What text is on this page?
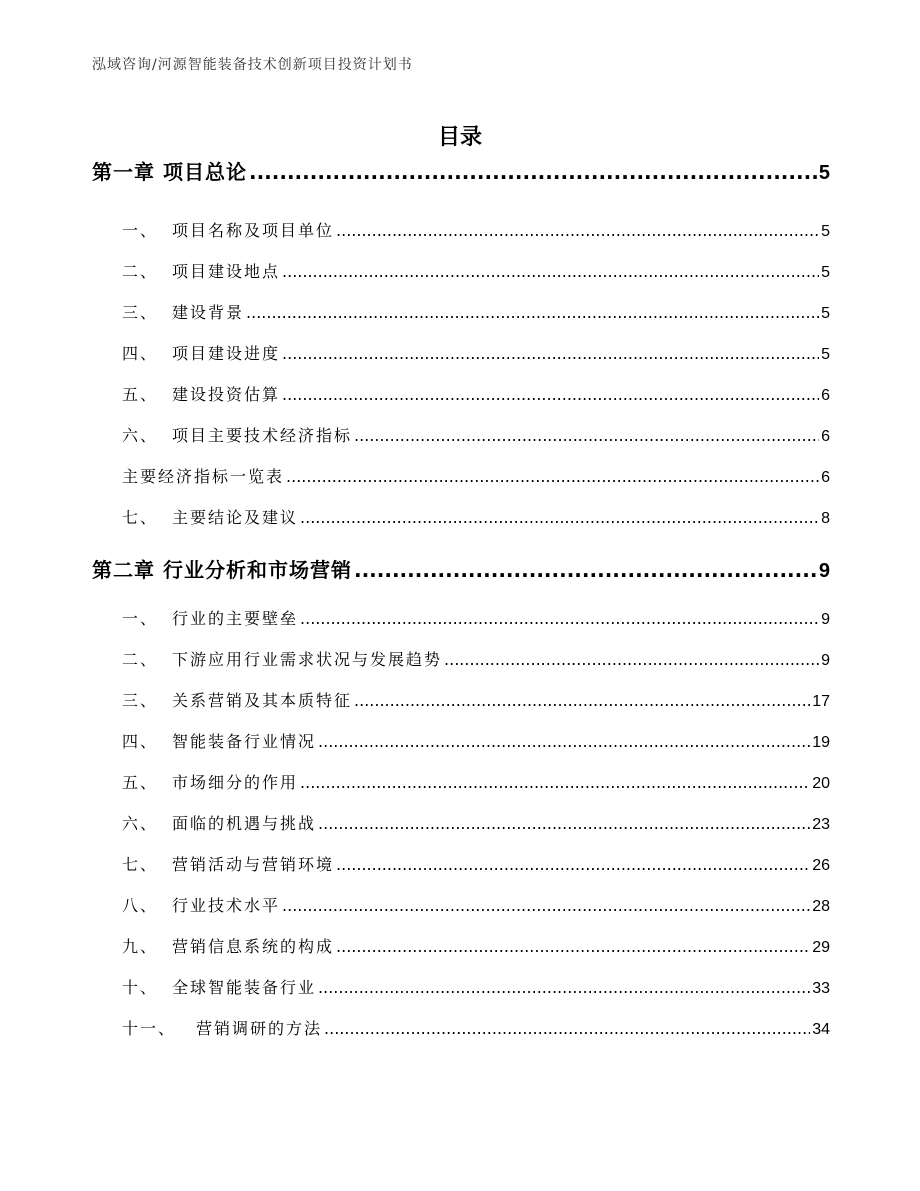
泓域咨询/河源智能装备技术创新项目投资计划书
目录
第一章 项目总论 .....	5
一、 项目名称及项目单位 .....	5
二、 项目建设地点 .....	5
三、 建设背景 .....	5
四、 项目建设进度 .....	5
五、 建设投资估算 .....	6
六、 项目主要技术经济指标 .....	6
主要经济指标一览表 .....	6
七、 主要结论及建议 .....	8
第二章 行业分析和市场营销 .....	9
一、 行业的主要壁垒 .....	9
二、 下游应用行业需求状况与发展趋势 .....	9
三、 关系营销及其本质特征 .....	17
四、 智能装备行业情况 .....	19
五、 市场细分的作用 .....	20
六、 面临的机遇与挑战 .....	23
七、 营销活动与营销环境 .....	26
八、 行业技术水平 .....	28
九、 营销信息系统的构成 .....	29
十、 全球智能装备行业 .....	33
十一、	营销调研的方法 .....	34
